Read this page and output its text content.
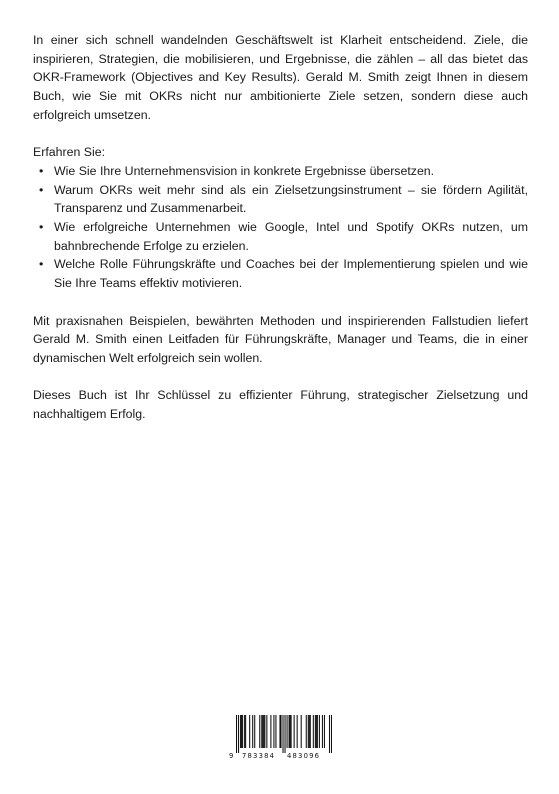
In einer sich schnell wandelnden Geschäftswelt ist Klarheit entscheidend. Ziele, die inspirieren, Strategien, die mobilisieren, und Ergebnisse, die zählen – all das bietet das OKR-Framework (Objectives and Key Results). Gerald M. Smith zeigt Ihnen in diesem Buch, wie Sie mit OKRs nicht nur ambitionierte Ziele setzen, sondern diese auch erfolgreich umsetzen.

Erfahren Sie:

• Wie Sie Ihre Unternehmensvision in konkrete Ergebnisse übersetzen.
• Warum OKRs weit mehr sind als ein Zielsetzungsinstrument – sie fördern Agilität, Transparenz und Zusammenarbeit.
• Wie erfolgreiche Unternehmen wie Google, Intel und Spotify OKRs nutzen, um bahnbrechende Erfolge zu erzielen.
• Welche Rolle Führungskräfte und Coaches bei der Implementierung spielen und wie Sie Ihre Teams effektiv motivieren.

Mit praxisnahen Beispielen, bewährten Methoden und inspirierenden Fallstudien liefert Gerald M. Smith einen Leitfaden für Führungskräfte, Manager und Teams, die in einer dynamischen Welt erfolgreich sein wollen.

Dieses Buch ist Ihr Schlüssel zu effizienter Führung, strategischer Zielsetzung und nachhaltigem Erfolg.

9 783384 483096
